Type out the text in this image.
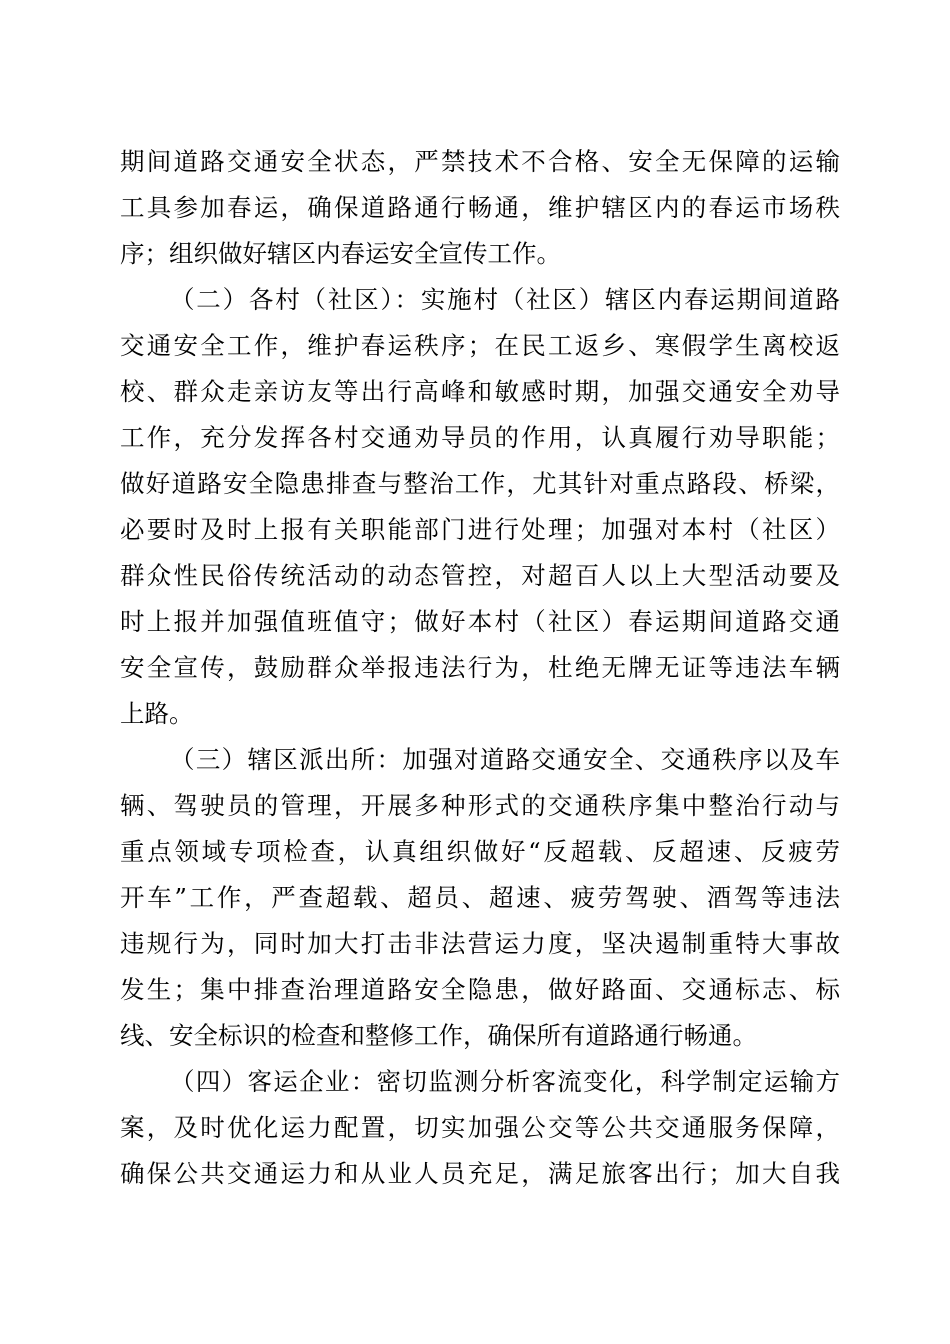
期间道路交通安全状态，严禁技术不合格、安全无保障的运输
工具参加春运，确保道路通行畅通，维护辖区内的春运市场秩
序；组织做好辖区内春运安全宣传工作。
（二）各村（社区）：实施村（社区）辖区内春运期间道路
交通安全工作，维护春运秩序；在民工返乡、寒假学生离校返
校、群众走亲访友等出行高峰和敏感时期，加强交通安全劝导
工作，充分发挥各村交通劝导员的作用，认真履行劝导职能；
做好道路安全隐患排查与整治工作，尤其针对重点路段、桥梁，
必要时及时上报有关职能部门进行处理；加强对本村（社区）
群众性民俗传统活动的动态管控，对超百人以上大型活动要及
时上报并加强值班值守；做好本村（社区）春运期间道路交通
安全宣传，鼓励群众举报违法行为，杜绝无牌无证等违法车辆
上路。
（三）辖区派出所：加强对道路交通安全、交通秩序以及车
辆、驾驶员的管理，开展多种形式的交通秩序集中整治行动与
重点领域专项检查，认真组织做好“反超载、反超速、反疲劳
开车”工作，严查超载、超员、超速、疲劳驾驶、酒驾等违法
违规行为，同时加大打击非法营运力度，坚决遏制重特大事故
发生；集中排查治理道路安全隐患，做好路面、交通标志、标
线、安全标识的检查和整修工作，确保所有道路通行畅通。
（四）客运企业：密切监测分析客流变化，科学制定运输方
案，及时优化运力配置，切实加强公交等公共交通服务保障，
确保公共交通运力和从业人员充足，满足旅客出行；加大自我
